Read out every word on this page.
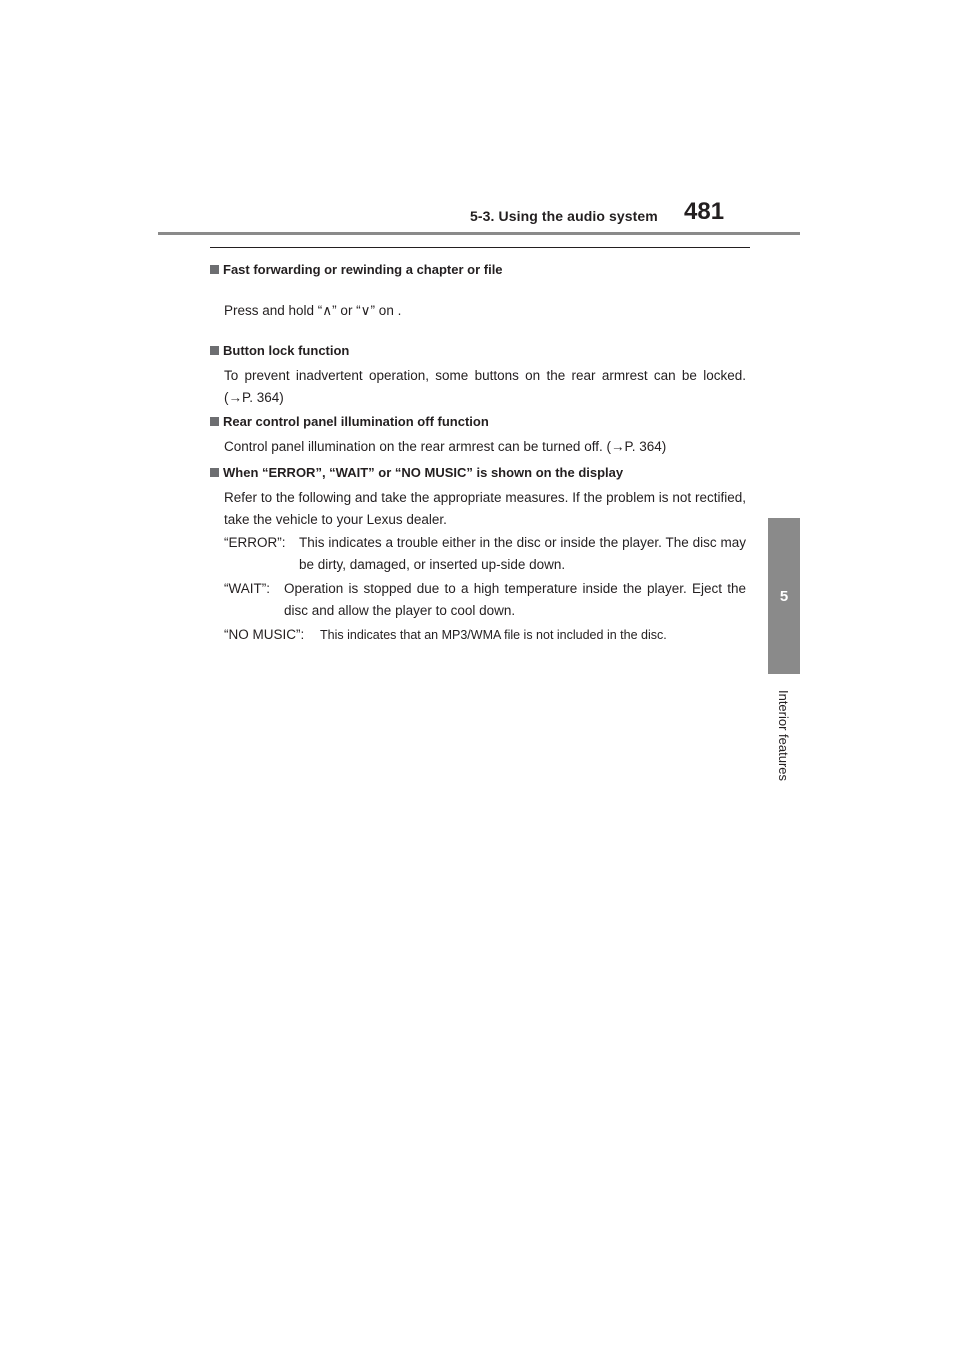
5-3. Using the audio system	481
5
Interior features
Fast forwarding or rewinding a chapter or file
Press and hold “∧” or “∨” on .
Button lock function
To prevent inadvertent operation, some buttons on the rear armrest can be locked. (→P. 364)
Rear control panel illumination off function
Control panel illumination on the rear armrest can be turned off. (→P. 364)
When “ERROR”, “WAIT” or “NO MUSIC” is shown on the display
Refer to the following and take the appropriate measures. If the problem is not rectified, take the vehicle to your Lexus dealer.
“ERROR”: This indicates a trouble either in the disc or inside the player. The disc may be dirty, damaged, or inserted up-side down.
“WAIT”: Operation is stopped due to a high temperature inside the player. Eject the disc and allow the player to cool down.
“NO MUSIC”: This indicates that an MP3/WMA file is not included in the disc.
